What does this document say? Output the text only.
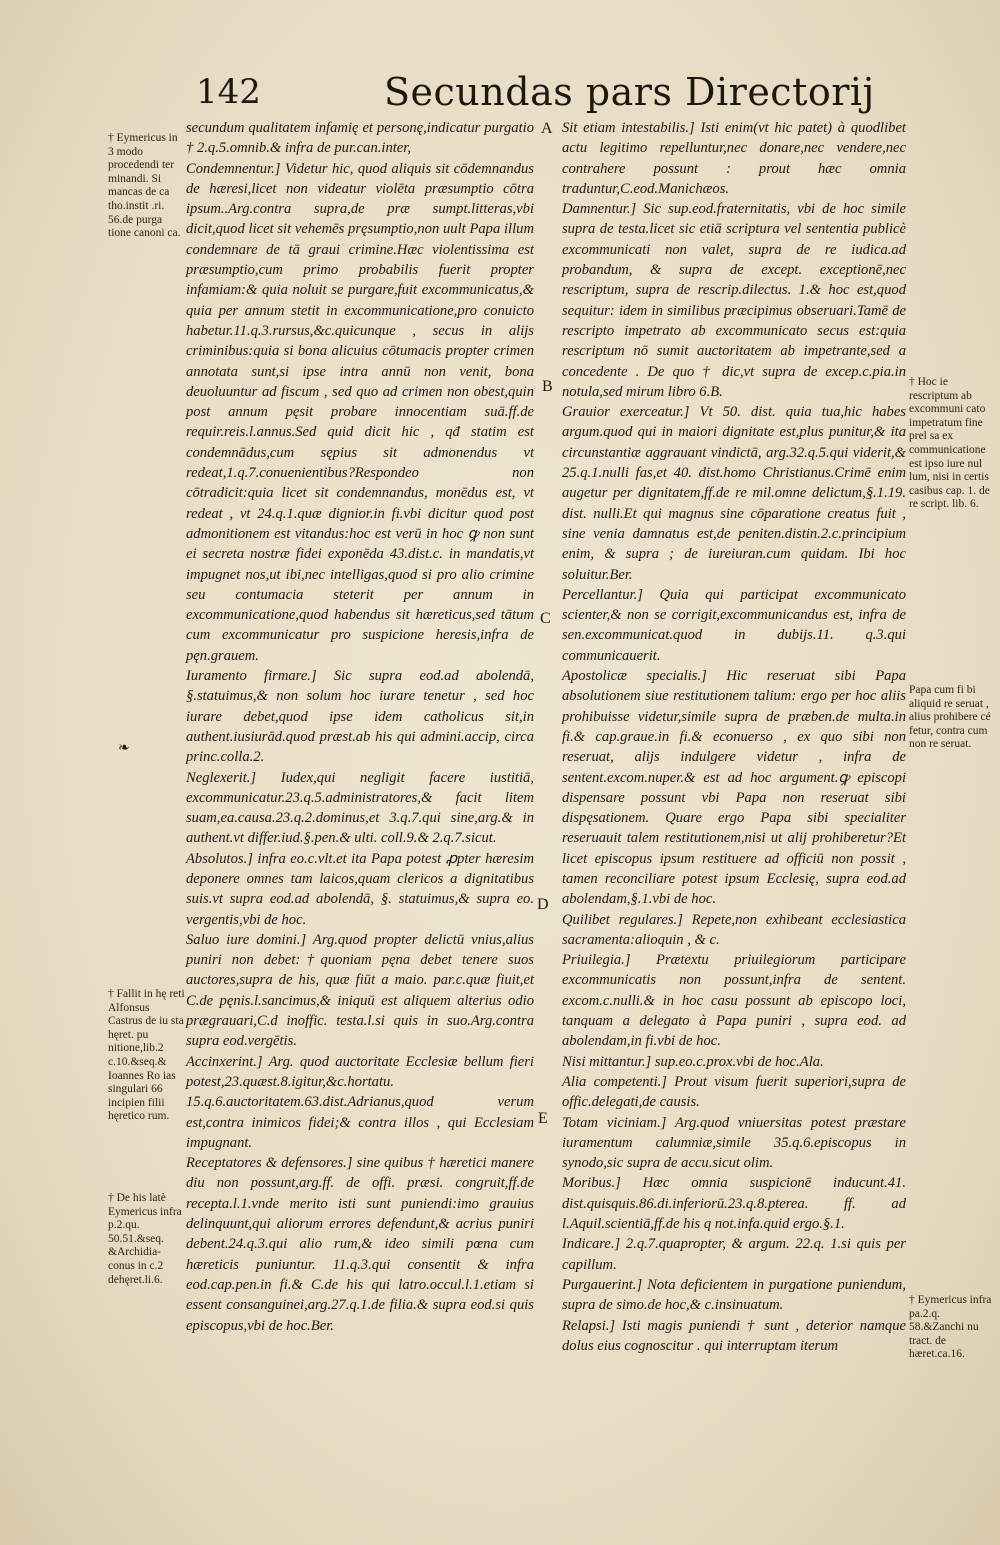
142	Secundas pars Directorij
† Eymericus in 3 modo procedendi ter minandi. Si mancas de ca tho.instit .ri. 56.de purga tione canoni ca.
† Fallit in hę reti Alfonsus Castrus de iu sta hęret. pu nitione,lib.2 c.10.&seq.& Ioannes Ro ias singulari 66 incipien filii hęretico rum.
† De his latè Eymericus infra p.2.qu. 50.51.&seq. &Archidia- conus in c.2 dehęret.li.6.
❧
† Hoc ie rescriptum ab excommuni cato impetratum fine prel sa ex communicatione est ipso iure nul lum, nisi in certis casibus cap. 1. de re script. lib. 6.
Papa cum fi bi aliquid re seruat , alius prohibere cé fetur, contra cum non re seruat.
† Eymericus infra pa.2.q. 58.&Zanchi nu tract. de hæret.ca.16.
A
B
C
D
E

secundum qualitatem infamię et personę,indicatur purgatio † 2.q.5.omnib.& infra de pur.can.inter,

Condemnentur.] Videtur hic, quod aliquis sit cōdemnandus de hæresi,licet non videatur violēta præsumptio cōtra ipsum..Arg.contra supra,de præ sumpt.litteras,vbi dicit,quod licet sit vehemēs pręsumptio,non uult Papa illum condemnare de tā graui crimine.Hæc violentissima est præsumptio,cum primo probabilis fuerit propter infamiam:& quia noluit se purgare,fuit excommunicatus,& quia per annum stetit in excommunicatione,pro conuicto habetur.11.q.3.rursus,&c.quicunque , secus in alijs criminibus:quia si bona alicuius cōtumacis propter crimen annotata sunt,si ipse intra annū non venit, bona deuoluuntur ad fiscum , sed quo ad crimen non obest,quin post annum pęsit probare innocentiam suā.ff.de requir.reis.l.annus.Sed quid dicit hic , qđ statim est condemnādus,cum sępius sit admonendus vt redeat,1.q.7.conuenientibus?Respondeo non cōtradicit:quia licet sit condemnandus, monēdus est, vt redeat , vt 24.q.1.quæ dignior.in fi.vbi dicitur quod post admonitionem est vitandus:hoc est verū in hoc ꝙ non sunt ei secreta nostræ fidei exponēda 43.dist.c. in mandatis,vt impugnet nos,ut ibi,nec intelligas,quod si pro alio crimine seu contumacia steterit per annum in excommunicatione,quod habendus sit hæreticus,sed tātum cum excommunicatur pro suspicione heresis,infra de pęn.grauem.

Iuramento firmare.] Sic supra eod.ad abolendā, §.statuimus,& non solum hoc iurare tenetur , sed hoc iurare debet,quod ipse idem catholicus sit,in authent.iusiurād.quod præst.ab his qui admini.accip, circa princ.colla.2.

Neglexerit.] Iudex,qui negligit facere iustitiā, excommunicatur.23.q.5.administratores,& facit litem suam,ea.causa.23.q.2.dominus,et 3.q.7.qui sine,arg.& in authent.vt differ.iud.§.pen.& ulti. coll.9.& 2.q.7.sicut.

Absolutos.] infra eo.c.vlt.et ita Papa potest ꝓpter hæresim deponere omnes tam laicos,quam clericos a dignitatibus suis.vt supra eod.ad abolendā, §. statuimus,& supra eo. vergentis,vbi de hoc.

Saluo iure domini.] Arg.quod propter delictū vnius,alius puniri non debet:†quoniam pęna debet tenere suos auctores,supra de his, quæ fiūt a maio. par.c.quæ fiuit,et C.de pęnis.l.sancimus,& iniquū est aliquem alterius odio prægrauari,C.d inoffic. testa.l.si quis in suo.Arg.contra supra eod.vergētis.

Accinxerint.] Arg. quod auctoritate Ecclesiæ bellum fieri potest,23.quæst.8.igitur,&c.hortatu. 15.q.6.auctoritatem.63.dist.Adrianus,quod verum est,contra inimicos fidei;& contra illos , qui Ecclesiam impugnant.

Receptatores & defensores.] sine quibus † hæretici manere diu non possunt,arg.ff. de offi. præsi. congruit,ff.de recepta.l.1.vnde merito isti sunt puniendi:imo grauius delinquunt,qui aliorum errores defendunt,& acrius puniri debent.24.q.3.qui alio rum,& ideo simili pœna cum hæreticis puniuntur. 11.q.3.qui consentit & infra eod.cap.pen.in fi.& C.de his qui latro.occul.l.1.etiam si essent consanguinei,arg.27.q.1.de filia.& supra eod.si quis episcopus,vbi de hoc.Ber.

Sit etiam intestabilis.] Isti enim(vt hic patet) à quodlibet actu legitimo repelluntur,nec donare,nec vendere,nec contrahere possunt : prout hæc omnia traduntur,C.eod.Manichæos.

Damnentur.] Sic sup.eod.fraternitatis, vbi de hoc simile supra de testa.licet sic etiā scriptura vel sententia publicè excommunicati non valet, supra de re iudica.ad probandum, & supra de except. exceptionē,nec rescriptum, supra de rescrip.dilectus. 1.& hoc est,quod sequitur: idem in similibus præcipimus obseruari.Tamē de rescripto impetrato ab excommunicato secus est:quia rescriptum nō sumit auctoritatem ab impetrante,sed a concedente . De quo † dic,vt supra de excep.c.pia.in notula,sed mirum libro 6.B.

Grauior exerceatur.] Vt 50. dist. quia tua,hic habes argum.quod qui in maiori dignitate est,plus punitur,& ita circunstantiæ aggrauant vindictā, arg.32.q.5.qui viderit,& 25.q.1.nulli fas,et 40. dist.homo Christianus.Crimē enim augetur per dignitatem,ff.de re mil.omne delictum,§.1.19. dist. nulli.Et qui magnus sine cōparatione creatus fuit , sine venia damnatus est,de peniten.distin.2.c.principium enim, & supra ; de iureiuran.cum quidam. Ibi hoc soluitur.Ber.

Percellantur.] Quia qui participat excommunicato scienter,& non se corrigit,excommunicandus est, infra de sen.excommunicat.quod in dubijs.11. q.3.qui communicauerit.

Apostolicæ specialis.] Hic reseruat sibi Papa absolutionem siue restitutionem talium: ergo per hoc aliis prohibuisse videtur,simile supra de præben.de multa.in fi.& cap.graue.in fi.& econuerso , ex quo sibi non reseruat, alijs indulgere videtur , infra de sentent.excom.nuper.& est ad hoc argument.ꝙ episcopi dispensare possunt vbi Papa non reseruat sibi dispęsationem. Quare ergo Papa sibi specialiter reseruauit talem restitutionem,nisi ut alij prohiberetur?Et licet episcopus ipsum restituere ad officiū non possit , tamen reconciliare potest ipsum Ecclesię, supra eod.ad abolendam,§.1.vbi de hoc.

Quilibet regulares.] Repete,non exhibeant ecclesiastica sacramenta:alioquin , & c.

Priuilegia.] Prætextu priuilegiorum participare excommunicatis non possunt,infra de sentent. excom.c.nulli.& in hoc casu possunt ab episcopo loci, tanquam a delegato à Papa puniri , supra eod. ad abolendam,in fi.vbi de hoc.

Nisi mittantur.] sup.eo.c.prox.vbi de hoc.Ala.

Alia competenti.] Prout visum fuerit superiori,supra de offic.delegati,de causis.

Totam viciniam.] Arg.quod vniuersitas potest præstare iuramentum calumniæ,simile 35.q.6.episcopus in synodo,sic supra de accu.sicut olim.

Moribus.] Hæc omnia suspicionē inducunt.41. dist.quisquis.86.di.inferiorū.23.q.8.pterea. ff. ad l.Aquil.scientiā,ff.de his q not.infa.quid ergo.§.1.

Indicare.] 2.q.7.quapropter, & argum. 22.q. 1.si quis per capillum.

Purgauerint.] Nota deficientem in purgatione puniendum, supra de simo.de hoc,& c.insinuatum.

Relapsi.] Isti magis puniendi † sunt , deterior namque dolus eius cognoscitur . qui interruptam iterum
